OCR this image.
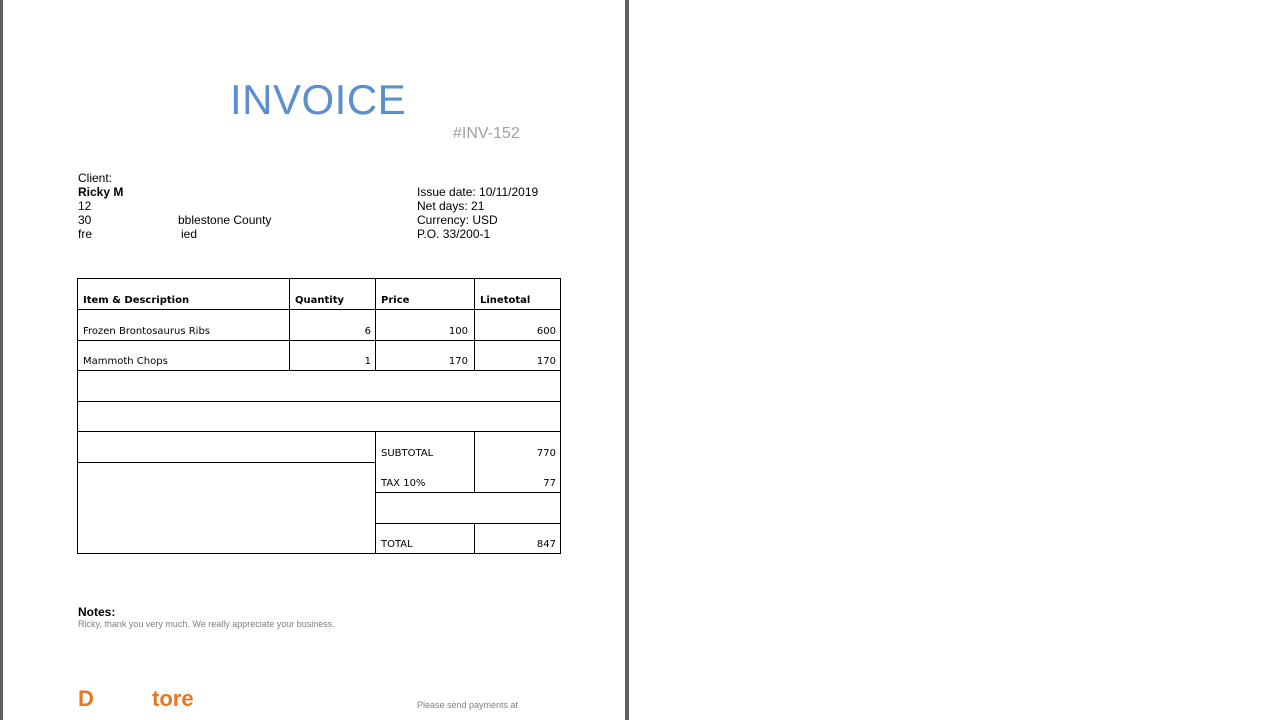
INVOICE
#INV-152
Client:
Ricky M
12
30	bblestone County
fre	ied
Issue date: 10/11/2019
Net days: 21
Currency: USD
P.O. 33/200-1
Item & Description	Quantity	Price	Linetotal
Frozen Brontosaurus Ribs	6	100	600
Mammoth Chops	1	170	170
SUBTOTAL	770
TAX 10%	77
TOTAL	847
Notes:
Ricky, thank you very much. We really appreciate your business.
D	tore	Please send payments at
